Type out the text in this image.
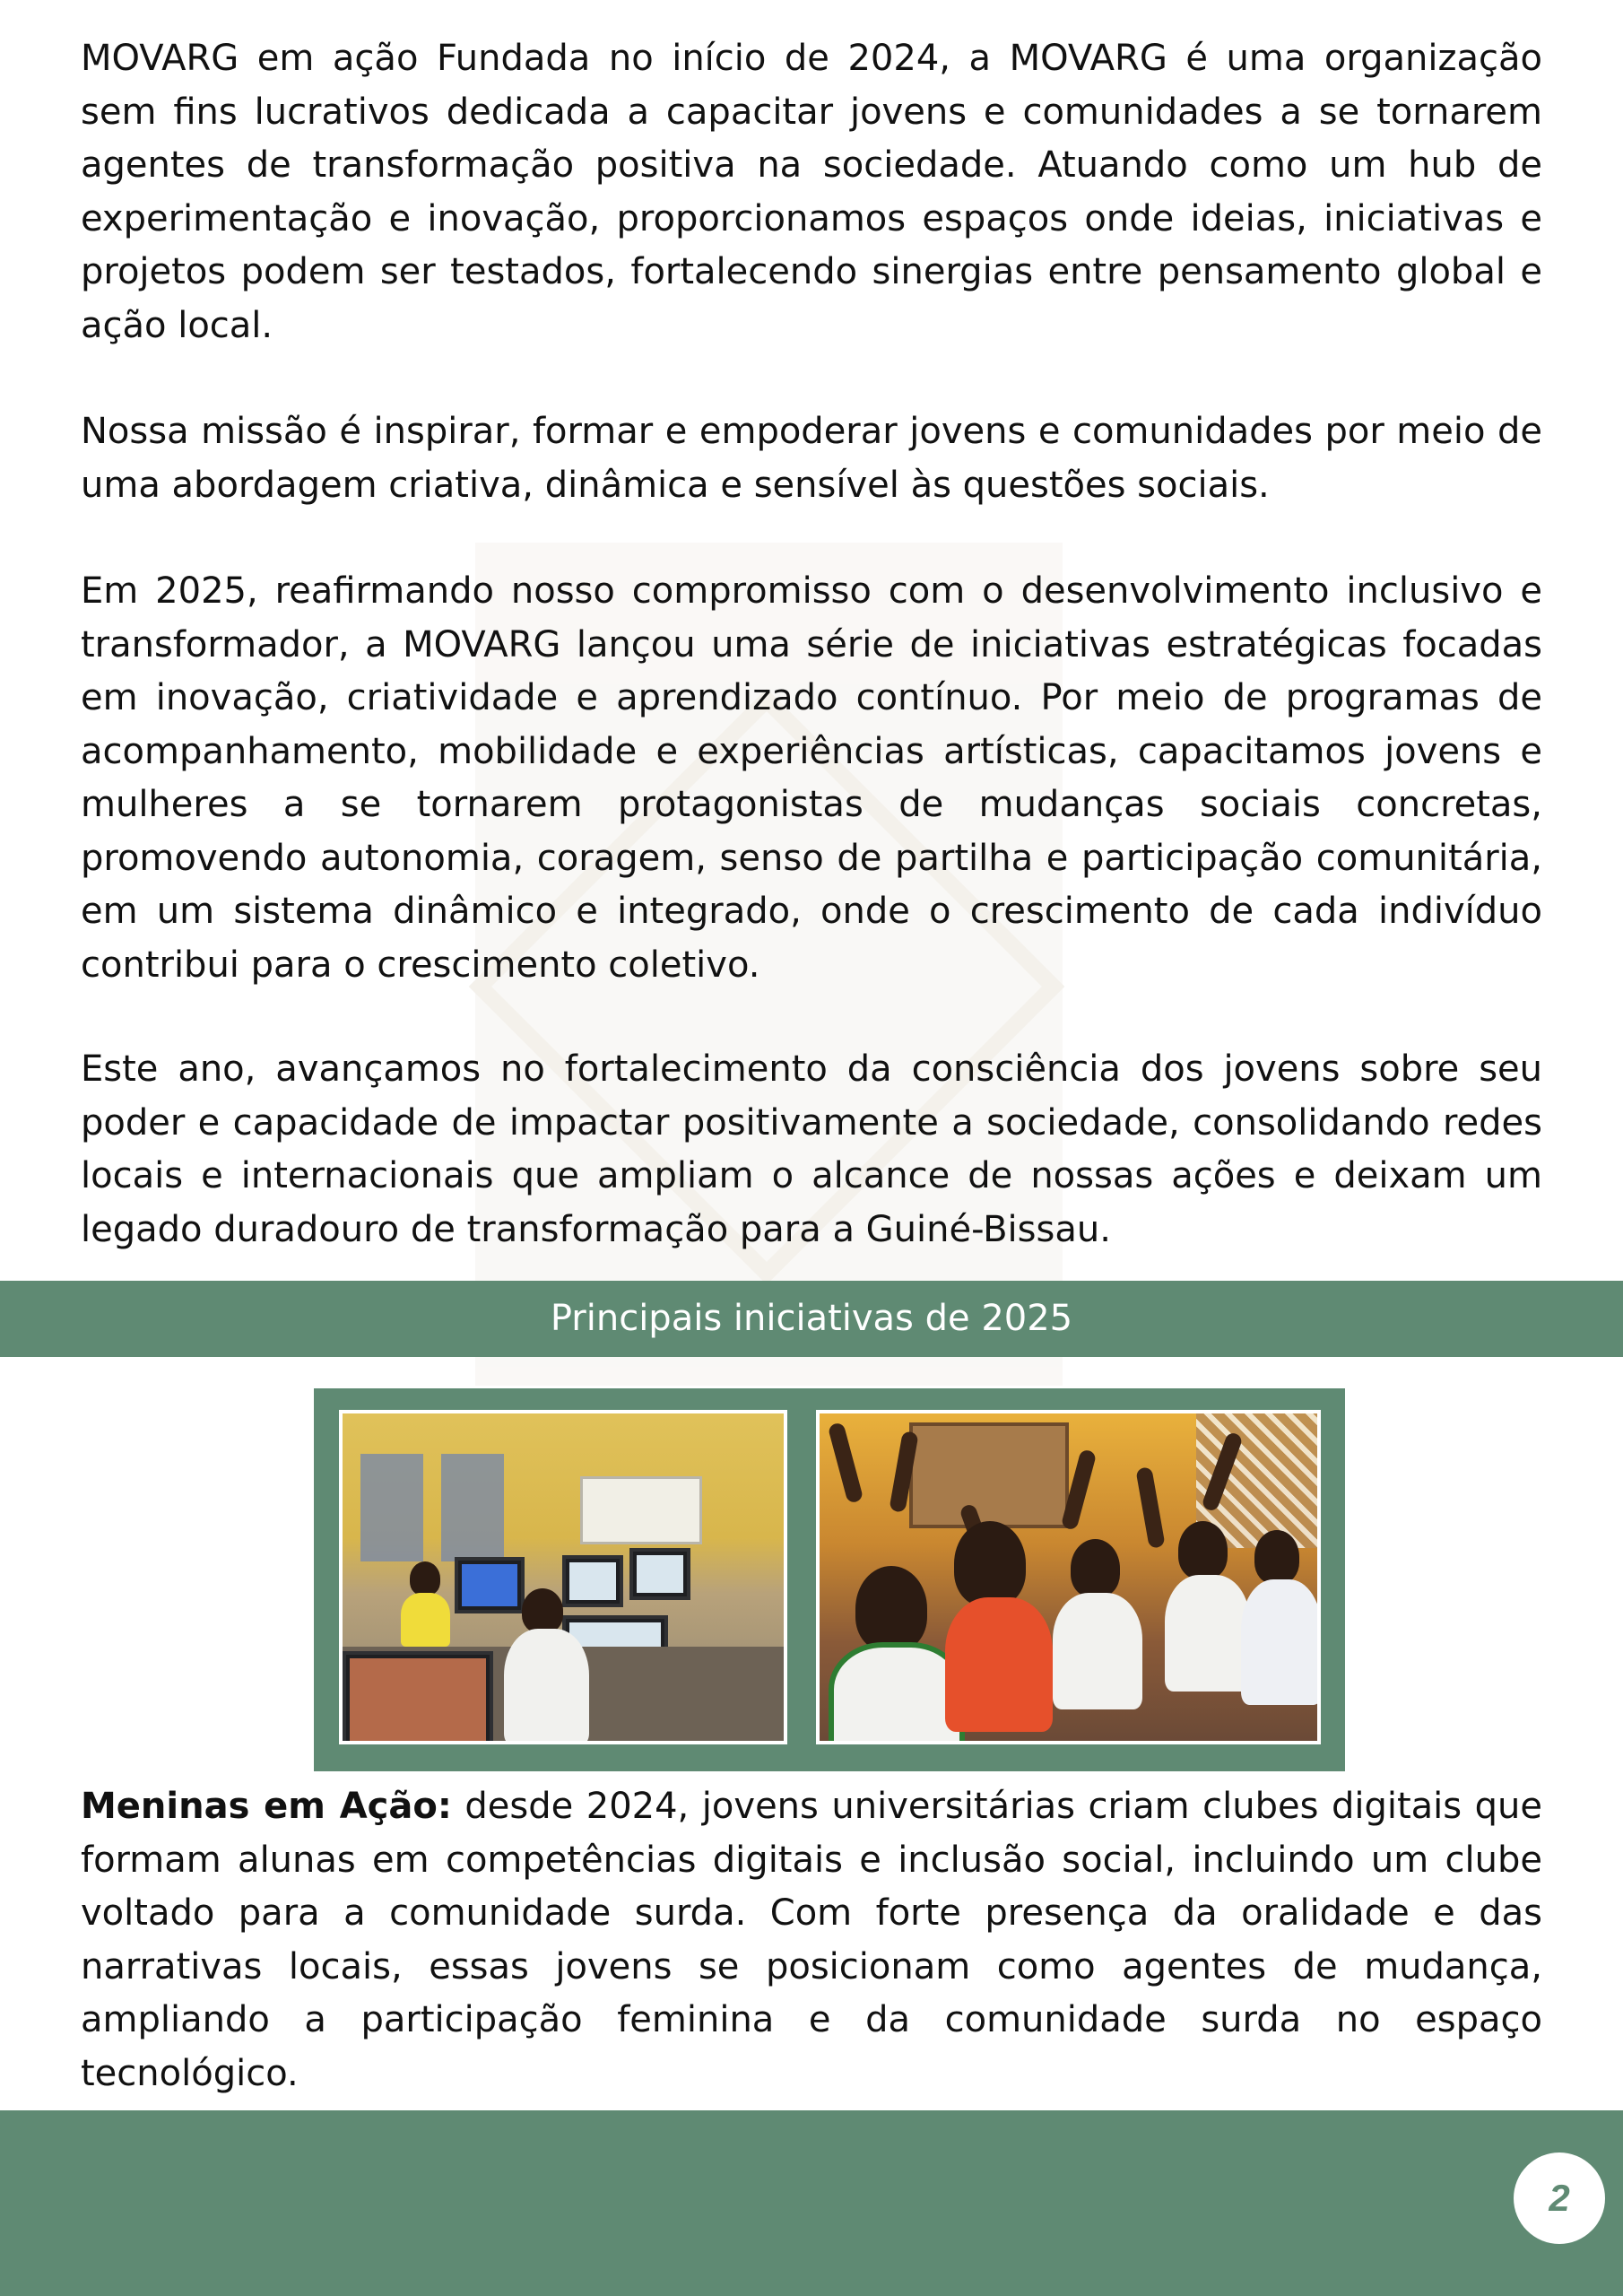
MOVARG em ação Fundada no início de 2024, a MOVARG é uma organização sem fins lucrativos dedicada a capacitar jovens e comunidades a se tornarem agentes de transformação positiva na sociedade. Atuando como um hub de experimentação e inovação, proporcionamos espaços onde ideias, iniciativas e projetos podem ser testados, fortalecendo sinergias entre pensamento global e ação local.

Nossa missão é inspirar, formar e empoderar jovens e comunidades por meio de uma abordagem criativa, dinâmica e sensível às questões sociais.

Em 2025, reafirmando nosso compromisso com o desenvolvimento inclusivo e transformador, a MOVARG lançou uma série de iniciativas estratégicas focadas em inovação, criatividade e aprendizado contínuo. Por meio de programas de acompanhamento, mobilidade e experiências artísticas, capacitamos jovens e mulheres a se tornarem protagonistas de mudanças sociais concretas, promovendo autonomia, coragem, senso de partilha e participação comunitária, em um sistema dinâmico e integrado, onde o crescimento de cada indivíduo contribui para o crescimento coletivo.

Este ano, avançamos no fortalecimento da consciência dos jovens sobre seu poder e capacidade de impactar positivamente a sociedade, consolidando redes locais e internacionais que ampliam o alcance de nossas ações e deixam um legado duradouro de transformação para a Guiné-Bissau.

Principais iniciativas de 2025

Meninas em Ação: desde 2024, jovens universitárias criam clubes digitais que formam alunas em competências digitais e inclusão social, incluindo um clube voltado para a comunidade surda. Com forte presença da oralidade e das narrativas locais, essas jovens se posicionam como agentes de mudança, ampliando a participação feminina e da comunidade surda no espaço tecnológico.

2
